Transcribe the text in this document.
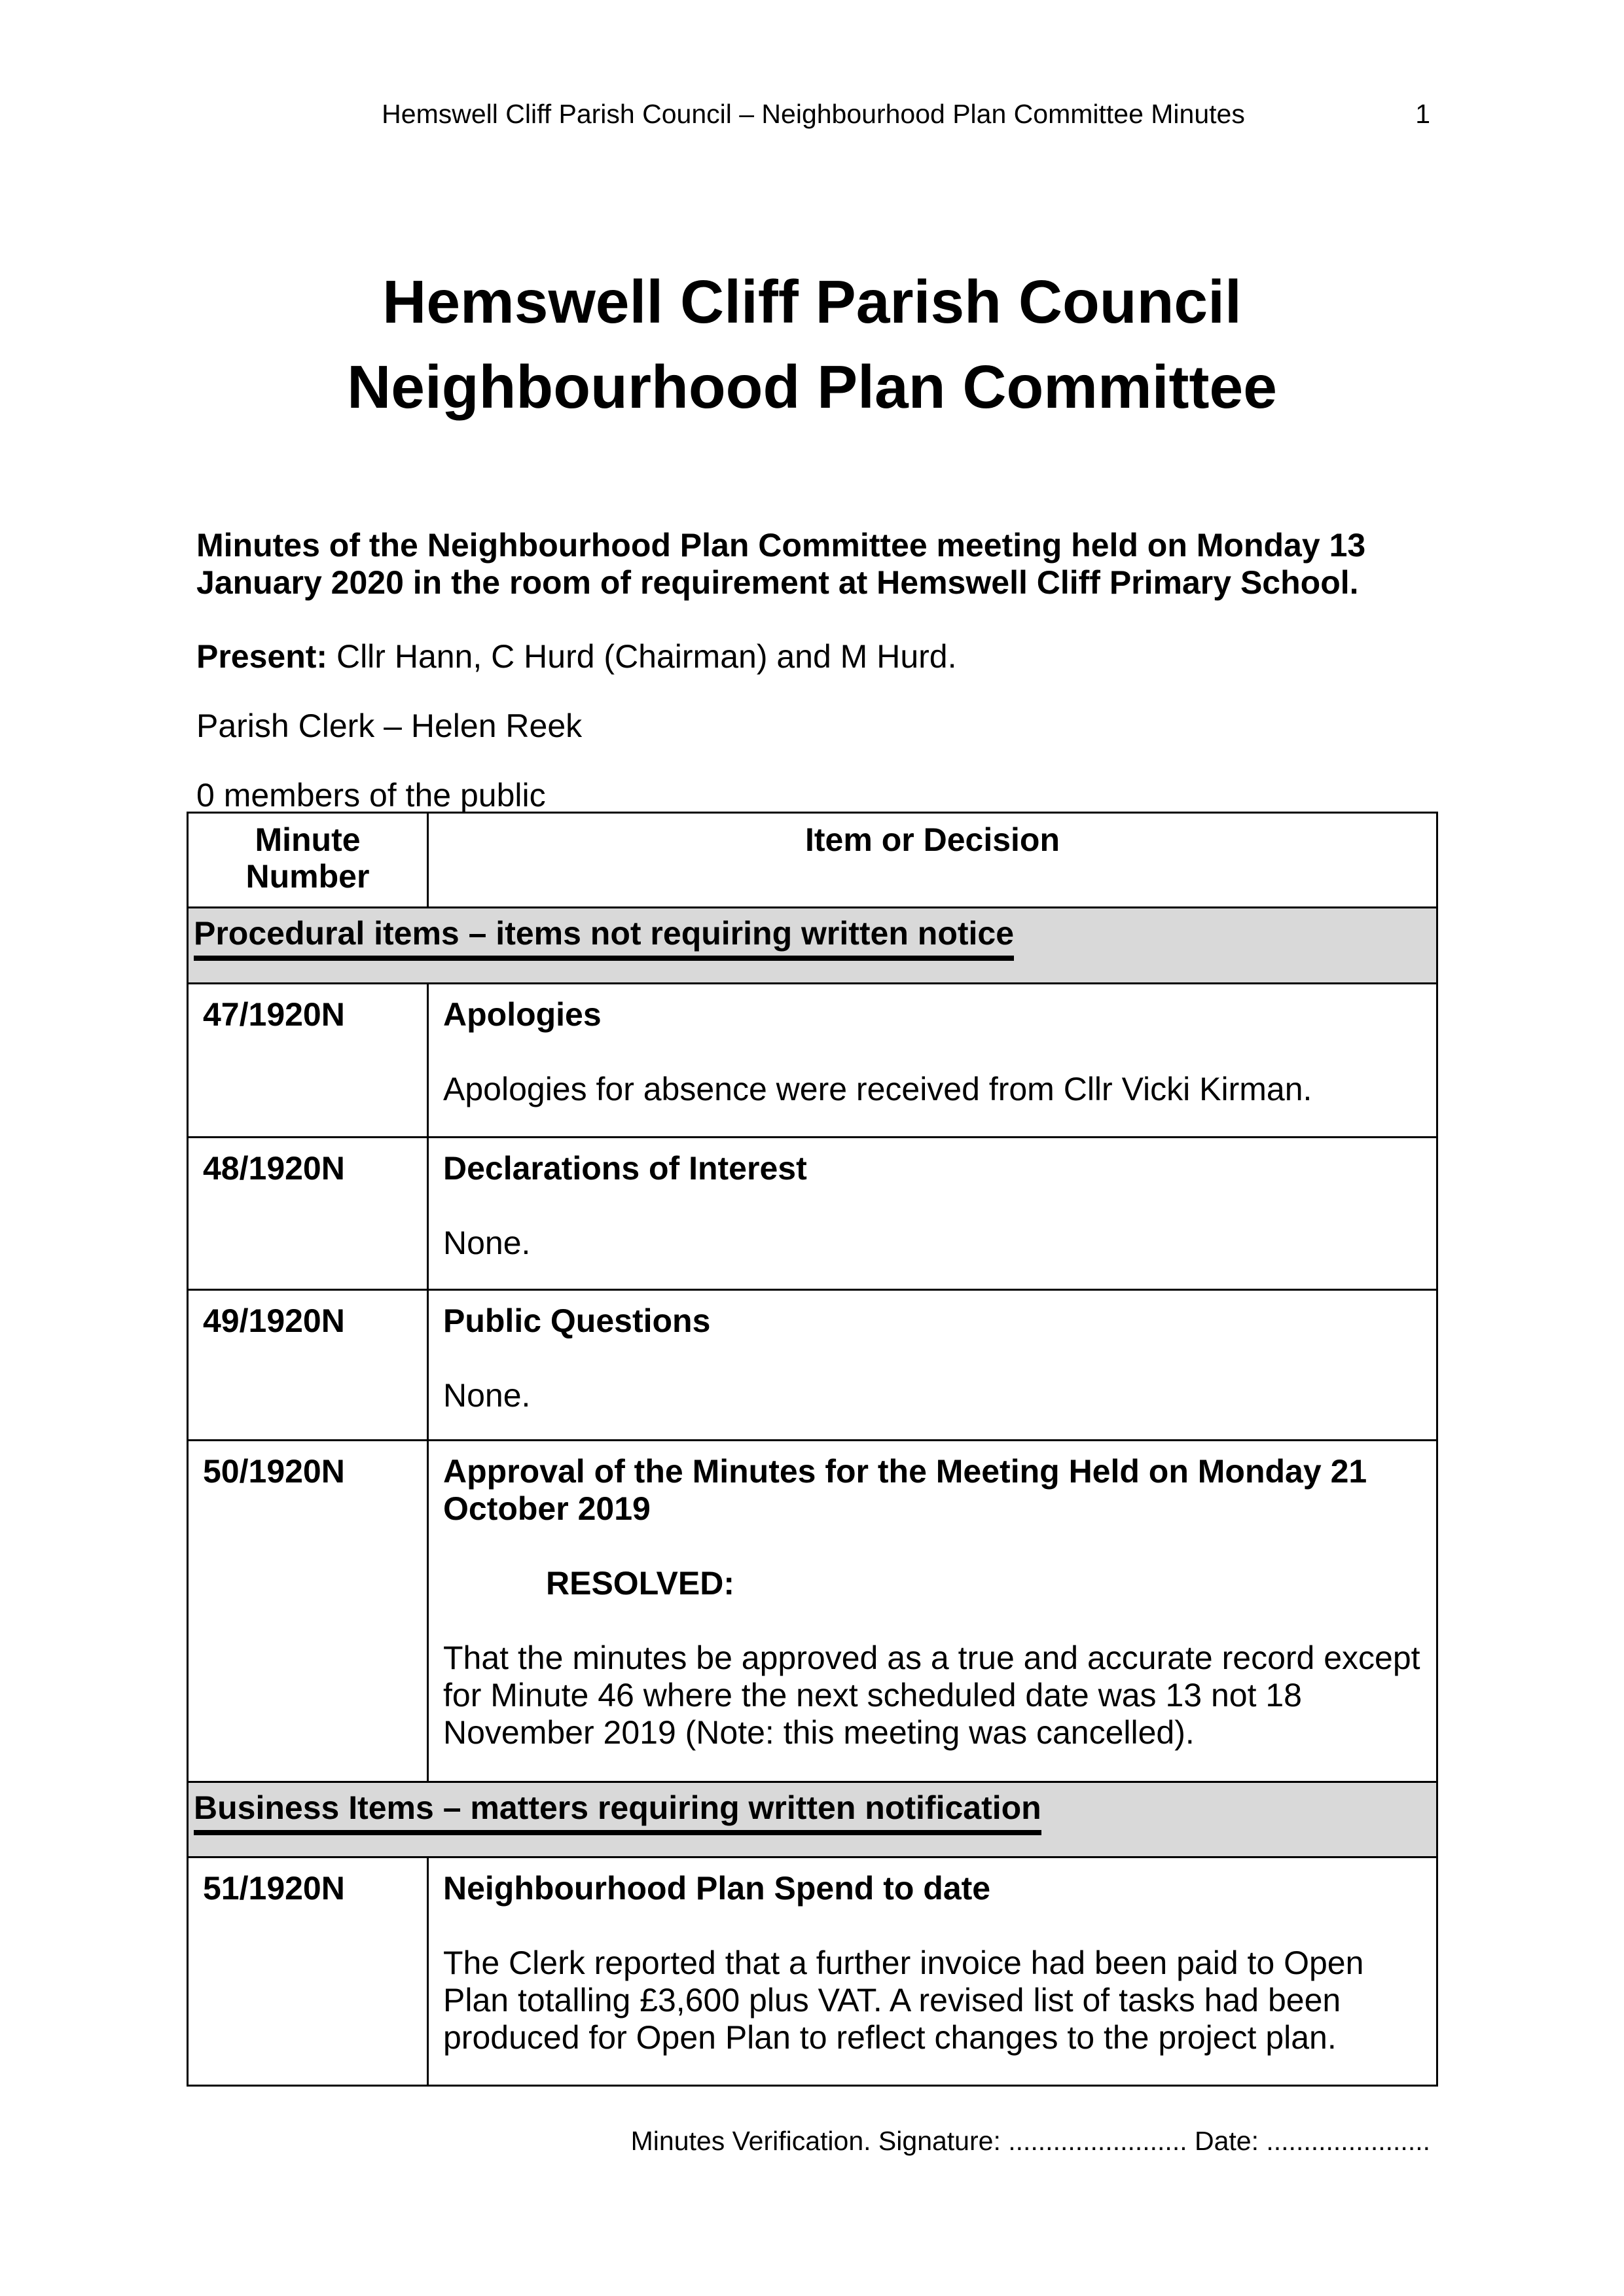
Hemswell Cliff Parish Council – Neighbourhood Plan Committee Minutes	1
Hemswell Cliff Parish Council
Neighbourhood Plan Committee

Minutes of the Neighbourhood Plan Committee meeting held on Monday 13 January 2020 in the room of requirement at Hemswell Cliff Primary School.

Present: Cllr Hann, C Hurd (Chairman) and M Hurd.

Parish Clerk – Helen Reek

0 members of the public

Minute Number	Item or Decision
Procedural items – items not requiring written notice	
47/1920N	Apologies

Apologies for absence were received from Cllr Vicki Kirman.

48/1920N	Declarations of Interest

None.

49/1920N	Public Questions

None.

50/1920N	Approval of the Minutes for the Meeting Held on Monday 21 October 2019

RESOLVED:

That the minutes be approved as a true and accurate record except for Minute 46 where the next scheduled date was 13 not 18 November 2019 (Note: this meeting was cancelled).

Business Items – matters requiring written notification	
51/1920N	Neighbourhood Plan Spend to date

The Clerk reported that a further invoice had been paid to Open Plan totalling £3,600 plus VAT. A revised list of tasks had been produced for Open Plan to reflect changes to the project plan.

Minutes Verification. Signature: ........................ Date: ......................
